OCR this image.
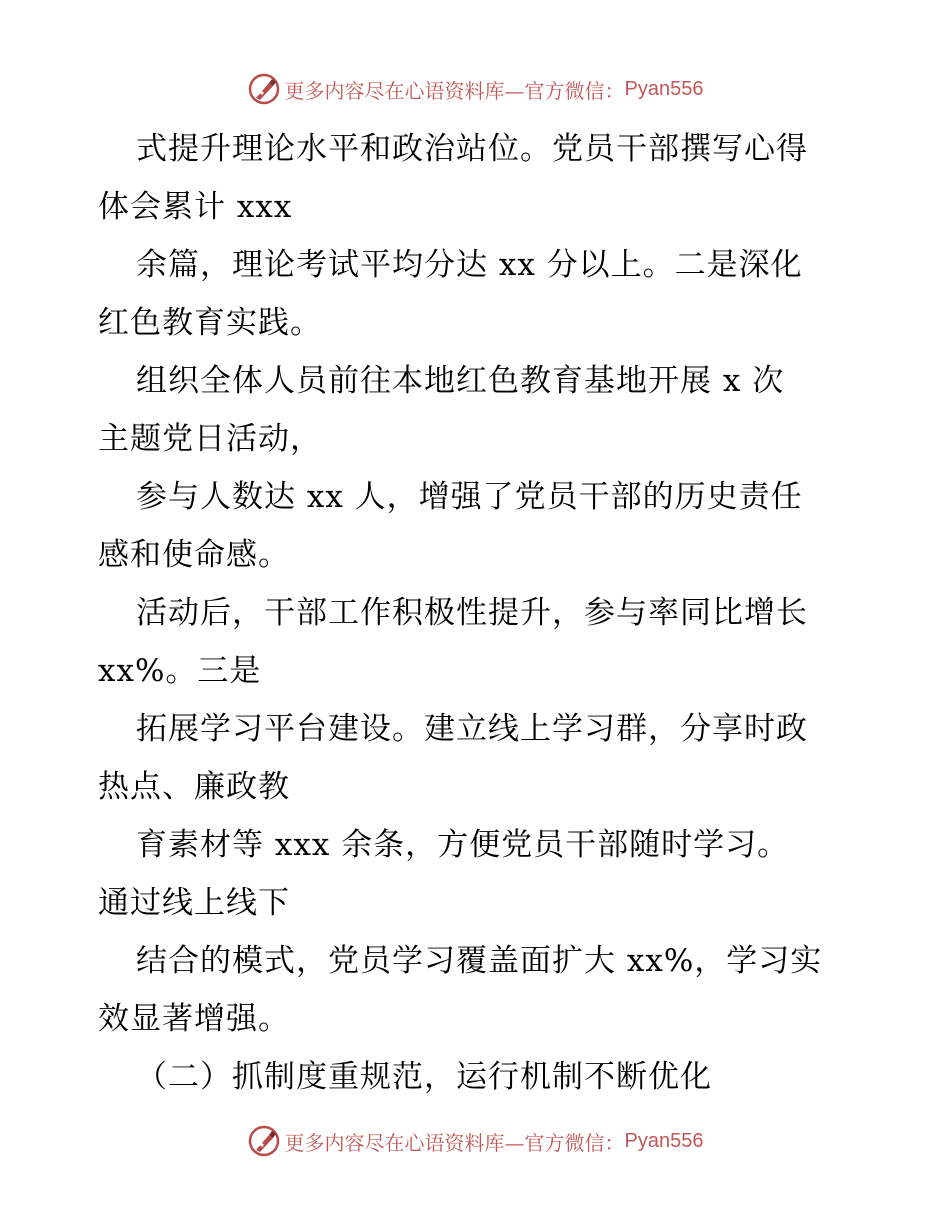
更多内容尽在心语资料库—官方微信： Pyan556

式提升理论水平和政治站位。党员干部撰写心得
体会累计 xxx

余篇，理论考试平均分达 xx 分以上。二是深化
红色教育实践。

组织全体人员前往本地红色教育基地开展 x 次
主题党日活动，

参与人数达 xx 人，增强了党员干部的历史责任
感和使命感。

活动后，干部工作积极性提升，参与率同比增长
xx%。三是

拓展学习平台建设。建立线上学习群，分享时政
热点、廉政教

育素材等 xxx 余条，方便党员干部随时学习。
通过线上线下

结合的模式，党员学习覆盖面扩大 xx%，学习实
效显著增强。

（二）抓制度重规范，运行机制不断优化

更多内容尽在心语资料库—官方微信： Pyan556
